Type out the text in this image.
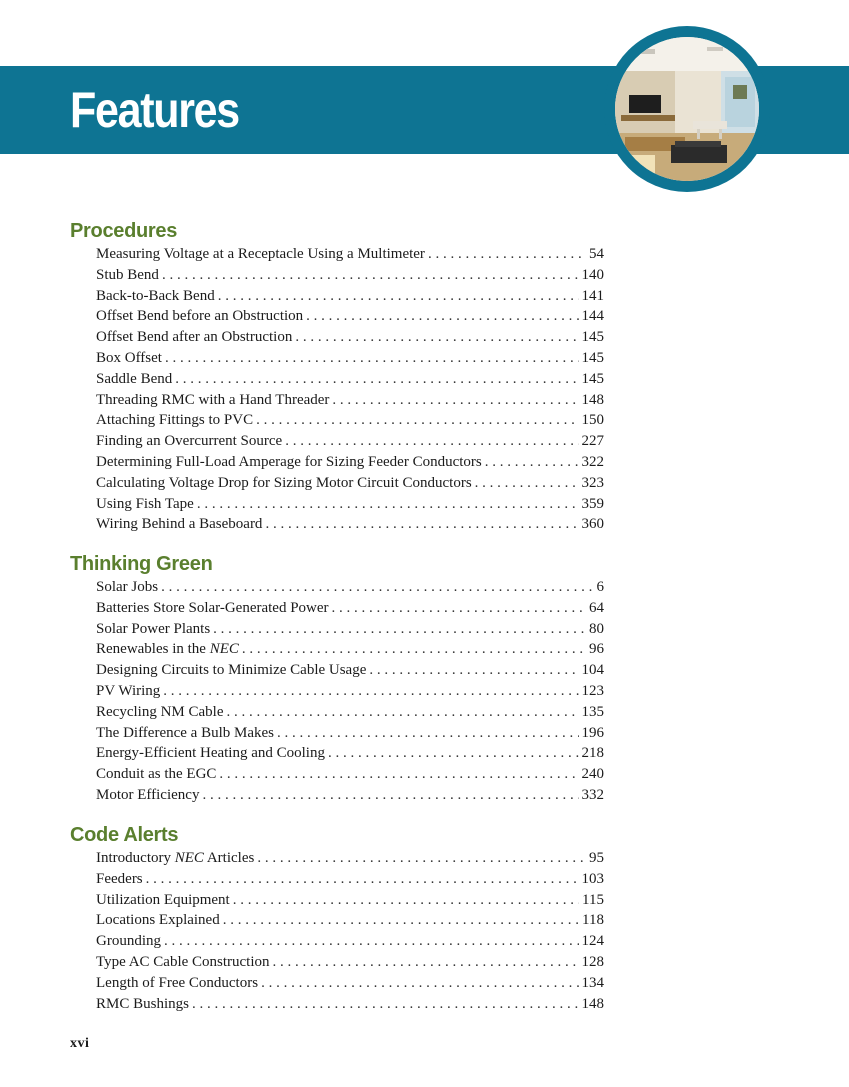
Features
Procedures
Measuring Voltage at a Receptacle Using a Multimeter . . .	54
Stub Bend . . .	140
Back-to-Back Bend . . .	141
Offset Bend before an Obstruction . . .	144
Offset Bend after an Obstruction . . .	145
Box Offset . . .	145
Saddle Bend . . .	145
Threading RMC with a Hand Threader . . .	148
Attaching Fittings to PVC . . .	150
Finding an Overcurrent Source . . .	227
Determining Full-Load Amperage for Sizing Feeder Conductors . . .	322
Calculating Voltage Drop for Sizing Motor Circuit Conductors . . .	323
Using Fish Tape . . .	359
Wiring Behind a Baseboard . . .	360
Thinking Green
Solar Jobs . . .	6
Batteries Store Solar-Generated Power . . .	64
Solar Power Plants . . .	80
Renewables in the NEC . . .	96
Designing Circuits to Minimize Cable Usage . . .	104
PV Wiring . . .	123
Recycling NM Cable . . .	135
The Difference a Bulb Makes . . .	196
Energy-Efficient Heating and Cooling . . .	218
Conduit as the EGC . . .	240
Motor Efficiency . . .	332
Code Alerts
Introductory NEC Articles . . .	95
Feeders . . .	103
Utilization Equipment . . .	115
Locations Explained . . .	118
Grounding . . .	124
Type AC Cable Construction . . .	128
Length of Free Conductors . . .	134
RMC Bushings . . .	148
xvi
